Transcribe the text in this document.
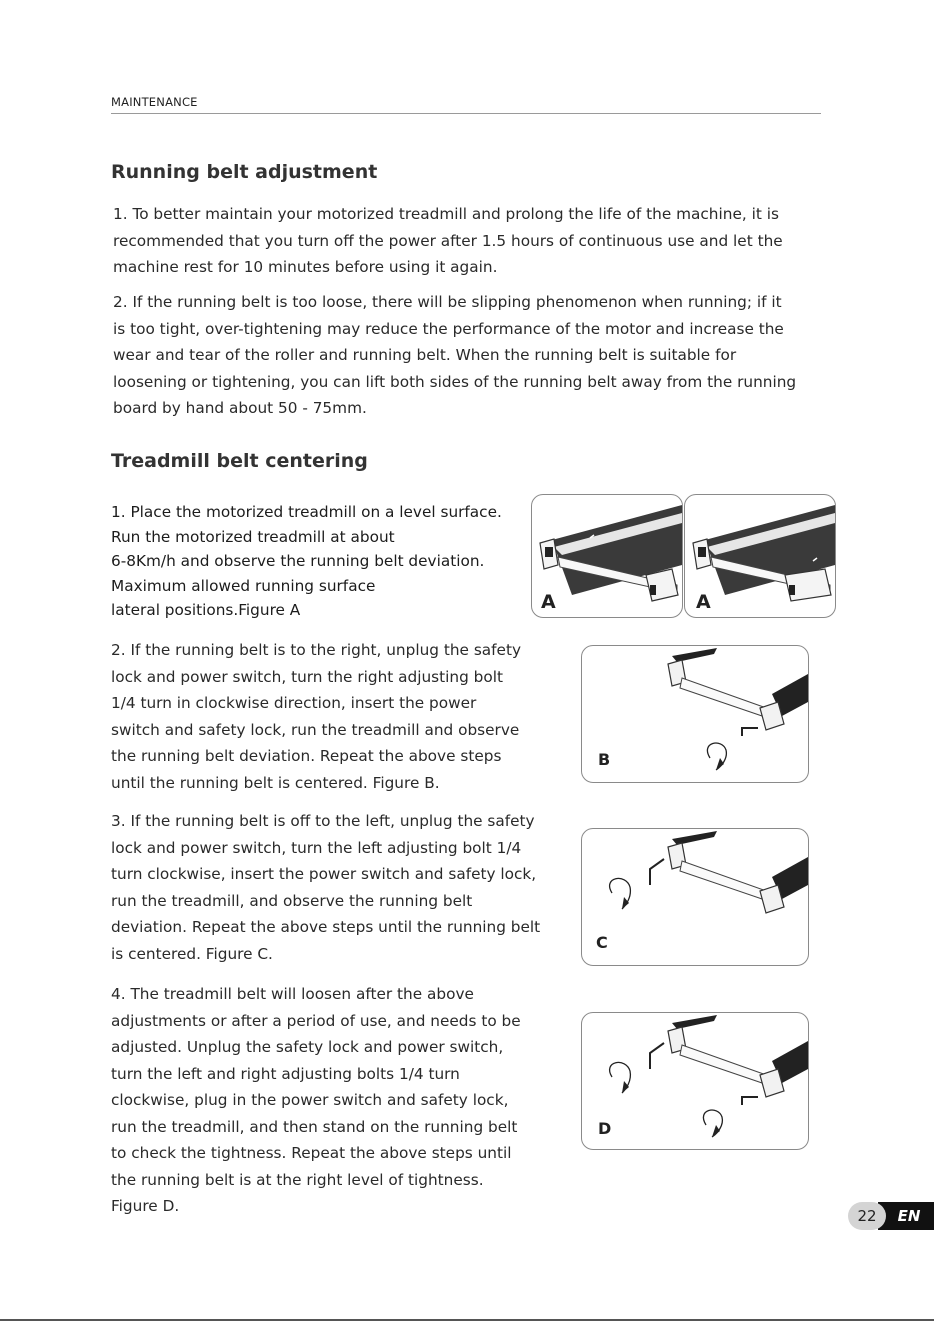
MAINTENANCE
Running belt adjustment

1. To better maintain your motorized treadmill and prolong the life of the machine, it is
recommended that you turn off the power after 1.5 hours of continuous use and let the
machine rest for 10 minutes before using it again.

2. If the running belt is too loose, there will be slipping phenomenon when running; if it
is too tight, over-tightening may reduce the performance of the motor and increase the
wear and tear of the roller and running belt. When the running belt is suitable for
loosening or tightening, you can lift both sides of the running belt away from the running
board by hand about 50 - 75mm.

Treadmill belt centering

1. Place the motorized treadmill on a level surface.
Run the motorized treadmill at about
6-8Km/h and observe the running belt deviation.
Maximum allowed running surface
lateral positions.Figure A

2. If the running belt is to the right, unplug the safety
lock and power switch, turn the right adjusting bolt
1/4 turn in clockwise direction, insert the power
switch and safety lock, run the treadmill and observe
the running belt deviation. Repeat the above steps
until the running belt is centered. Figure B.

3. If the running belt is off to the left, unplug the safety
lock and power switch, turn the left adjusting bolt 1/4
turn clockwise, insert the power switch and safety lock,
run the treadmill, and observe the running belt
deviation. Repeat the above steps until the running belt
is centered. Figure C.

4. The treadmill belt will loosen after the above
adjustments or after a period of use, and needs to be
adjusted. Unplug the safety lock and power switch,
turn the left and right adjusting bolts 1/4 turn
clockwise, plug in the power switch and safety lock,
run the treadmill, and then stand on the running belt
to check the tightness. Repeat the above steps until
the running belt is at the right level of tightness.
Figure D.

A	A
B
C
D
22	EN
